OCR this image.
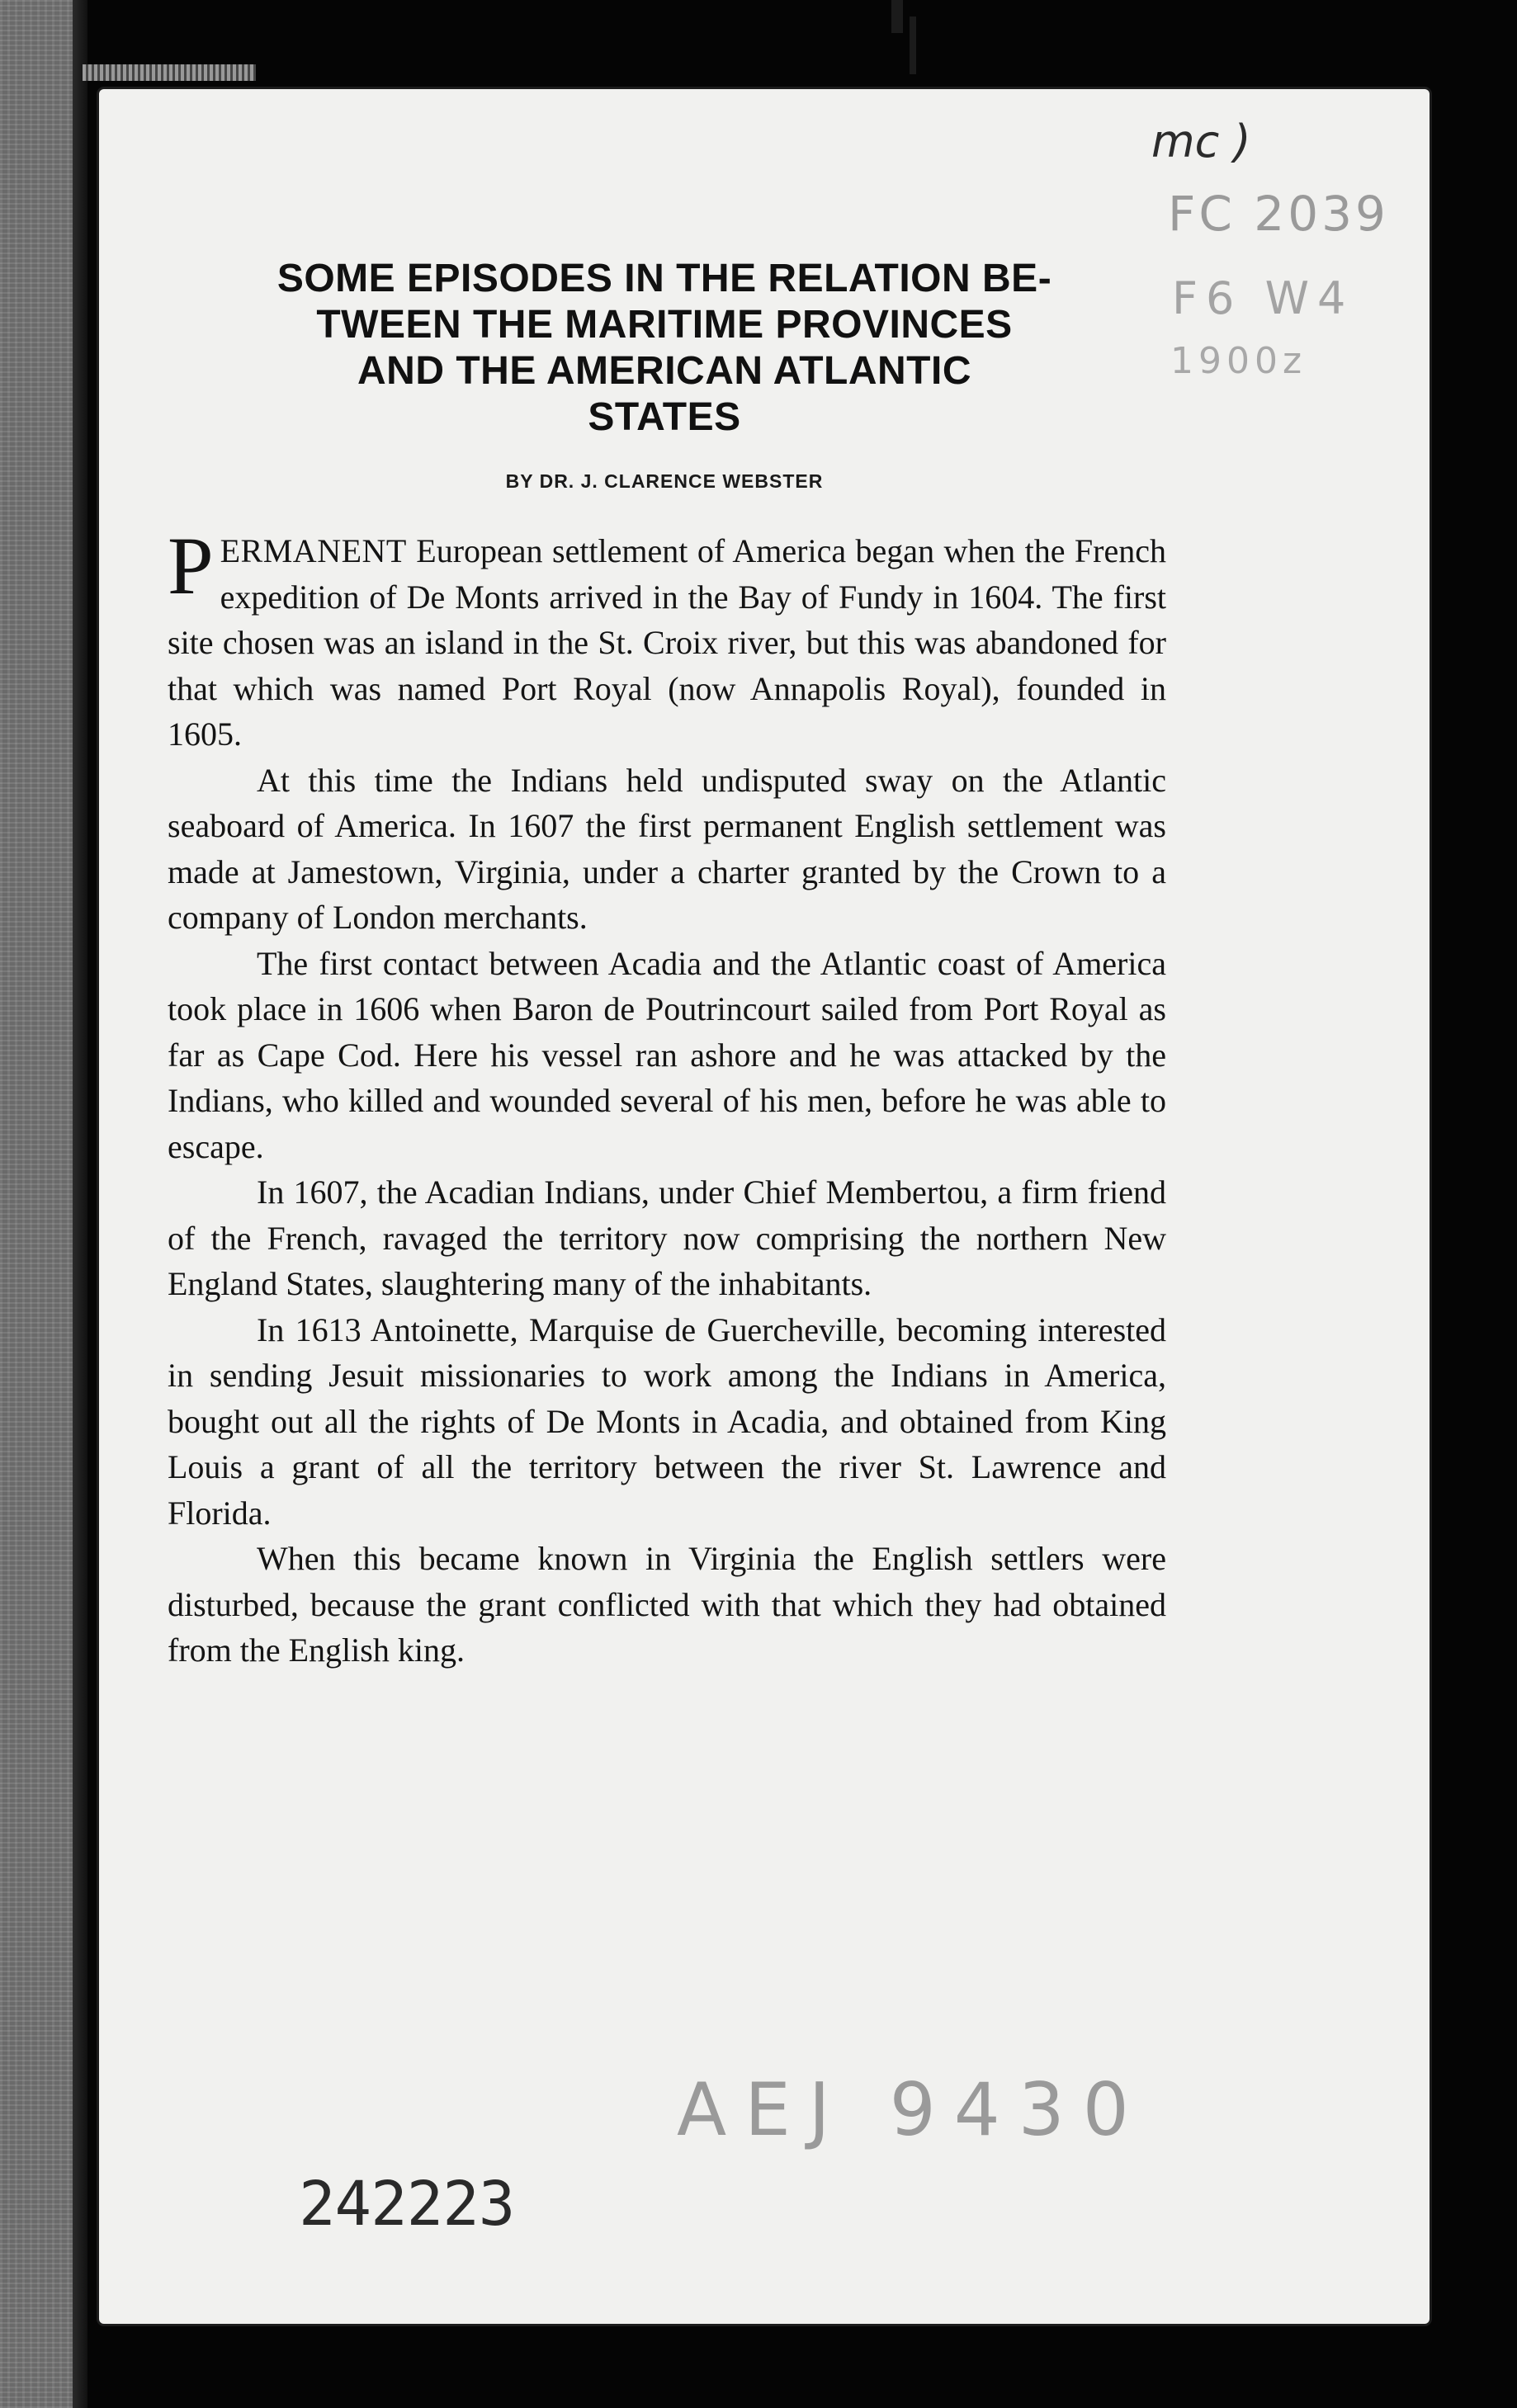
SOME EPISODES IN THE RELATION BE-
TWEEN THE MARITIME PROVINCES
AND THE AMERICAN ATLANTIC
STATES
BY DR. J. CLARENCE WEBSTER

PERMANENT European settlement of America began when the French expedition of De Monts arrived in the Bay of Fundy in 1604. The first site chosen was an island in the St. Croix river, but this was abandoned for that which was named Port Royal (now Annapolis Royal), founded in 1605.

At this time the Indians held undisputed sway on the Atlantic seaboard of America. In 1607 the first permanent English settlement was made at Jamestown, Virginia, under a charter granted by the Crown to a company of London merchants.

The first contact between Acadia and the Atlantic coast of America took place in 1606 when Baron de Poutrincourt sailed from Port Royal as far as Cape Cod. Here his vessel ran ashore and he was attacked by the Indians, who killed and wounded several of his men, before he was able to escape.

In 1607, the Acadian Indians, under Chief Membertou, a firm friend of the French, ravaged the territory now comprising the northern New England States, slaughtering many of the inhabitants.

In 1613 Antoinette, Marquise de Guercheville, becoming interested in sending Jesuit missionaries to work among the Indians in America, bought out all the rights of De Monts in Acadia, and obtained from King Louis a grant of all the territory between the river St. Lawrence and Florida.

When this became known in Virginia the English settlers were disturbed, because the grant conflicted with that which they had obtained from the English king.

mc )
FC 2039
F6 W4
1900z
AEJ 9430
242223
